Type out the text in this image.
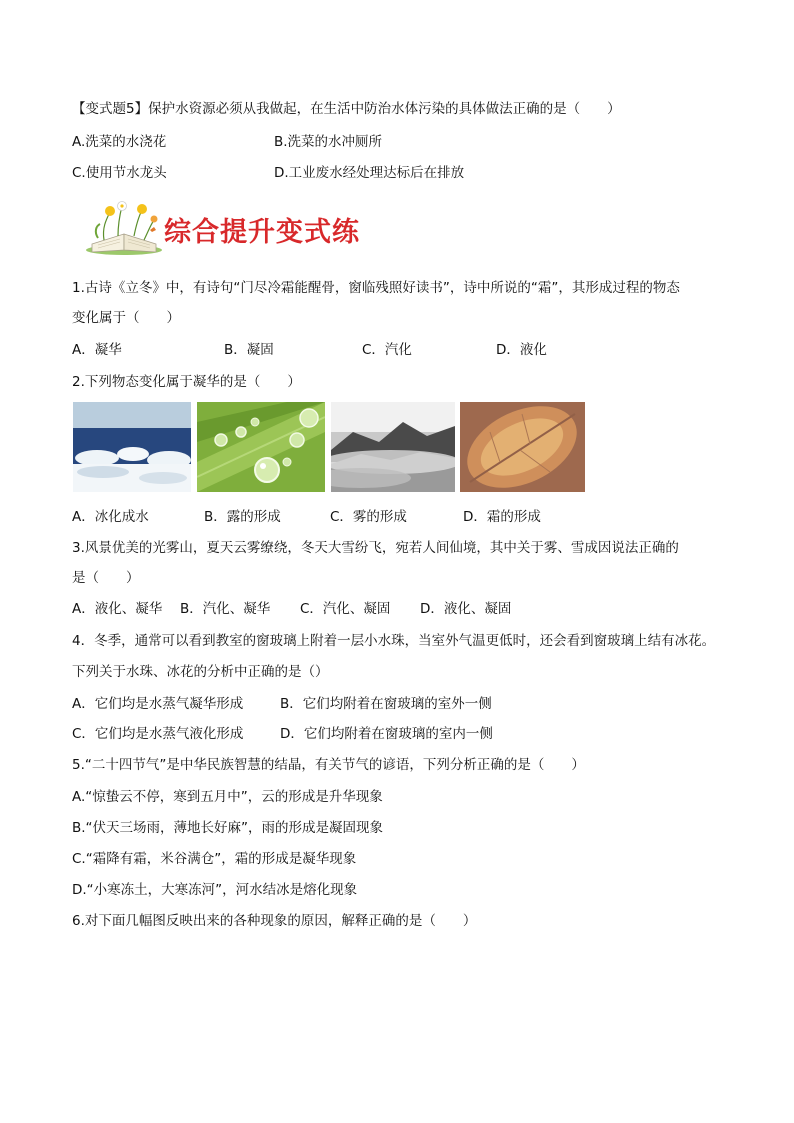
【变式题5】保护水资源必须从我做起，在生活中防治水体污染的具体做法正确的是（　　）
A.洗菜的水浇花	B.洗菜的水冲厕所
C.使用节水龙头	D.工业废水经处理达标后在排放
综合提升变式练
1.古诗《立冬》中，有诗句“门尽冷霜能醒骨，窗临残照好读书”，诗中所说的“霜”，其形成过程的物态
变化属于（　　）
A．凝华	B．凝固	C．汽化	D．液化
2.下列物态变化属于凝华的是（　　）
A．冰化成水	B．露的形成	C．雾的形成	D．霜的形成
3.风景优美的光雾山，夏天云雾缭绕，冬天大雪纷飞，宛若人间仙境，其中关于雾、雪成因说法正确的
是（　　）
A．液化、凝华 B．汽化、凝华 C．汽化、凝固 D．液化、凝固
4．冬季，通常可以看到教室的窗玻璃上附着一层小水珠，当室外气温更低时，还会看到窗玻璃上结有冰花。
下列关于水珠、冰花的分析中正确的是（）
A．它们均是水蒸气凝华形成	B．它们均附着在窗玻璃的室外一侧
C．它们均是水蒸气液化形成	D．它们均附着在窗玻璃的室内一侧
5.“二十四节气”是中华民族智慧的结晶，有关节气的谚语，下列分析正确的是（　　）
A.“惊蛰云不停，寒到五月中”，云的形成是升华现象
B.“伏天三场雨，薄地长好麻”，雨的形成是凝固现象
C.“霜降有霜，米谷满仓”，霜的形成是凝华现象
D.“小寒冻土，大寒冻河”，河水结冰是熔化现象
6.对下面几幅图反映出来的各种现象的原因，解释正确的是（　　）
